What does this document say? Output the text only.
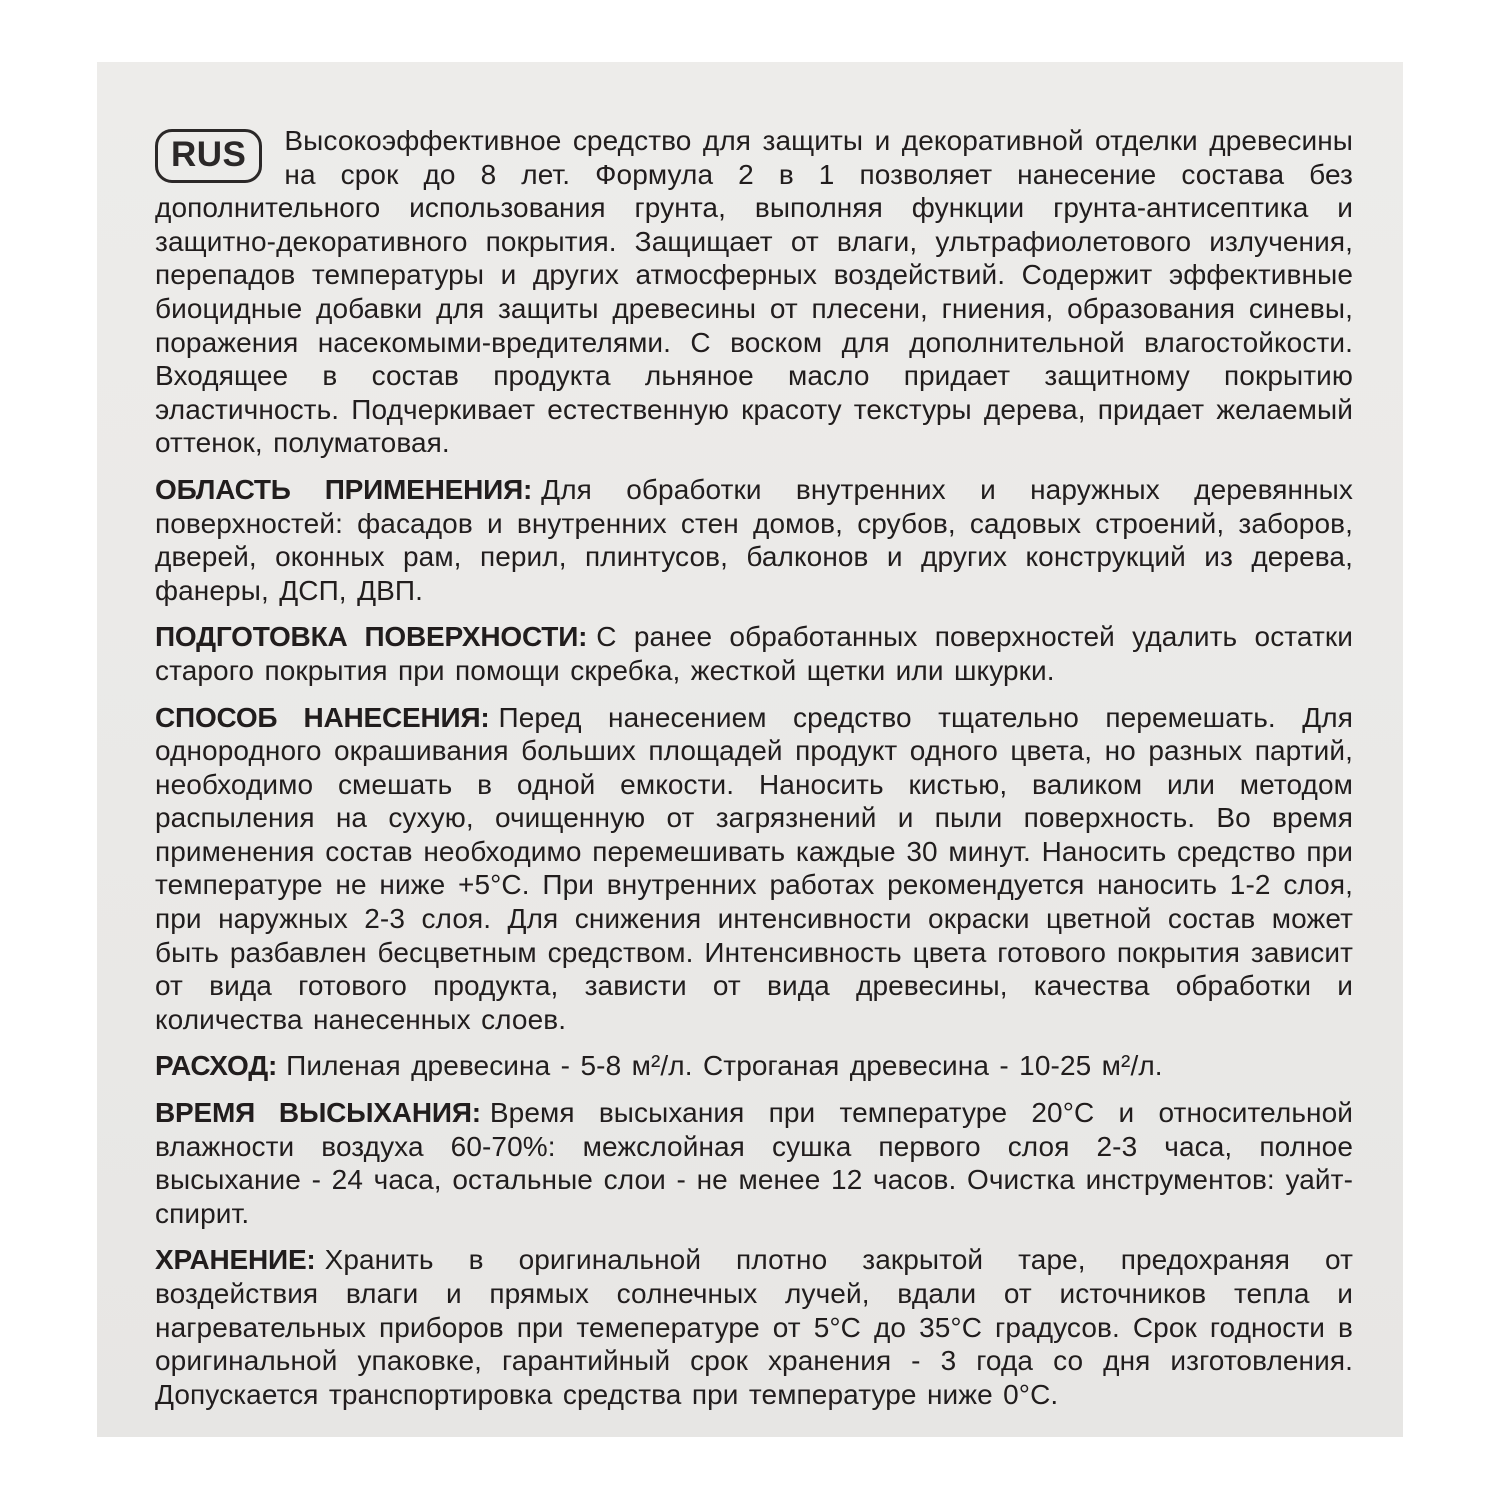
RUS	Высокоэффективное средство для защиты и декоративной отделки древесины на срок до 8 лет. Формула 2 в 1 позволяет нанесение состава без дополнительного использования грунта, выполняя функции грунта-антисептика и защитно-декоративного покрытия. Защищает от влаги, ультрафиолетового излучения, перепадов температуры и других атмосферных воздействий. Содержит эффективные биоцидные добавки для защиты древесины от плесени, гниения, образования синевы, поражения насекомыми-вредителями. С воском для дополнительной влагостойкости. Входящее в состав продукта льняное масло придает защитному покрытию эластичность. Подчеркивает естественную красоту текстуры дерева, придает желаемый оттенок, полуматовая.

ОБЛАСТЬ ПРИМЕНЕНИЯ: Для обработки внутренних и наружных деревянных поверхностей: фасадов и внутренних стен домов, срубов, садовых строений, заборов, дверей, оконных рам, перил, плинтусов, балконов и других конструкций из дерева, фанеры, ДСП, ДВП.

ПОДГОТОВКА ПОВЕРХНОСТИ: С ранее обработанных поверхностей удалить остатки старого покрытия при помощи скребка, жесткой щетки или шкурки.

СПОСОБ НАНЕСЕНИЯ: Перед нанесением средство тщательно перемешать. Для однородного окрашивания больших площадей продукт одного цвета, но разных партий, необходимо смешать в одной емкости. Наносить кистью, валиком или методом распыления на сухую, очищенную от загрязнений и пыли поверхность. Во время применения состав необходимо перемешивать каждые 30 минут. Наносить средство при температуре не ниже +5°С. При внутренних работах рекомендуется наносить 1-2 слоя, при наружных 2-3 слоя. Для снижения интенсивности окраски цветной состав может быть разбавлен бесцветным средством. Интенсивность цвета готового покрытия зависит от вида готового продукта, зависти от вида древесины, качества обработки и количества нанесенных слоев.

РАСХОД: Пиленая древесина - 5-8 м²/л. Строганая древесина - 10-25 м²/л.

ВРЕМЯ ВЫСЫХАНИЯ: Время высыхания при температуре 20°С и относительной влажности воздуха 60-70%: межслойная сушка первого слоя 2-3 часа, полное высыхание - 24 часа, остальные слои - не менее 12 часов. Очистка инструментов: уайт-спирит.

ХРАНЕНИЕ: Хранить в оригинальной плотно закрытой таре, предохраняя от воздействия влаги и прямых солнечных лучей, вдали от источников тепла и нагревательных приборов при темепературе от 5°С до 35°С градусов. Срок годности в оригинальной упаковке, гарантийный срок хранения - 3 года со дня изготовления. Допускается транспортировка средства при температуре ниже 0°С.
